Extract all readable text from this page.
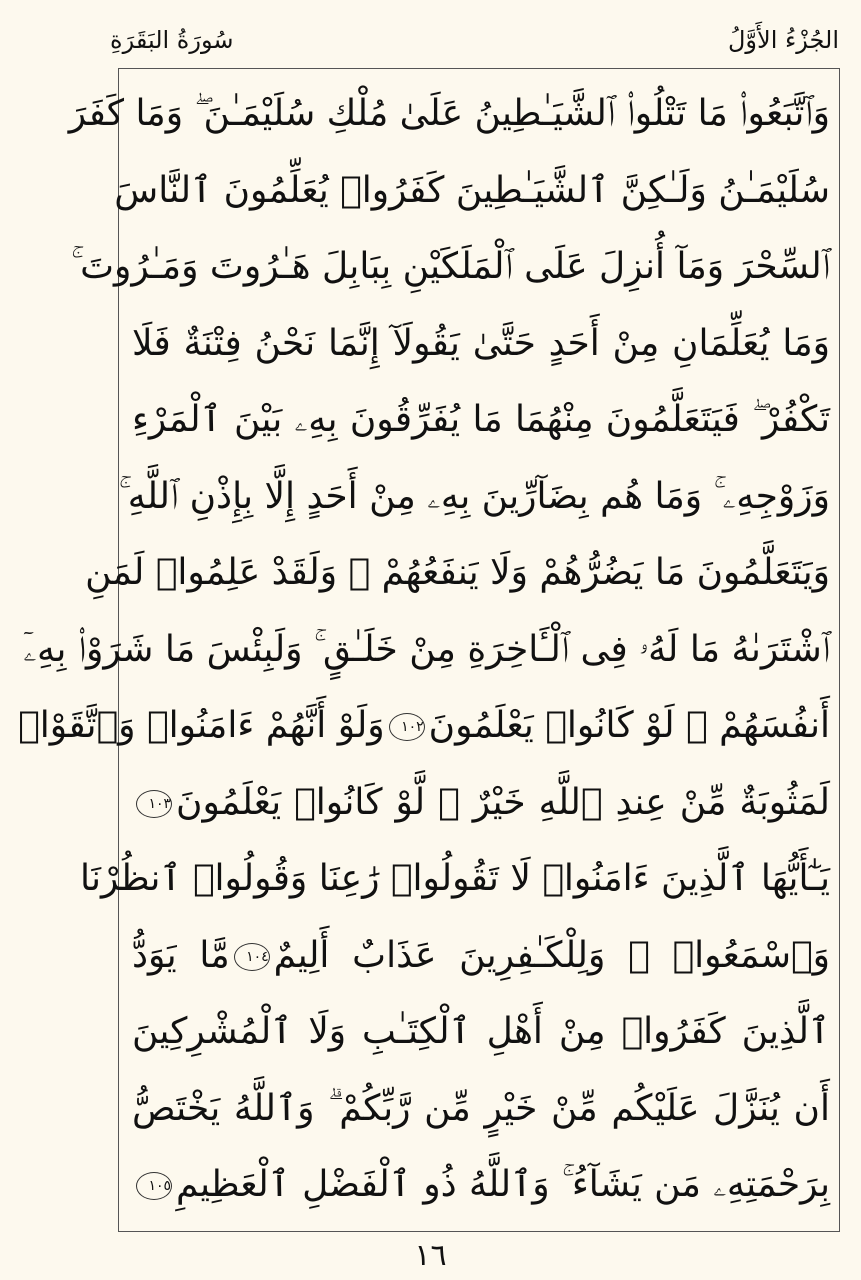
الجُزْءُ الأَوَّلُ
سُورَةُ البَقَرَةِ
وَٱتَّبَعُوا۟ مَا تَتْلُوا۟ ٱلشَّيَـٰطِينُ عَلَىٰ مُلْكِ سُلَيْمَـٰنَ ۖ وَمَا كَفَرَ
سُلَيْمَـٰنُ وَلَـٰكِنَّ ٱلشَّيَـٰطِينَ كَفَرُوا۟ يُعَلِّمُونَ ٱلنَّاسَ
ٱلسِّحْرَ وَمَآ أُنزِلَ عَلَى ٱلْمَلَكَيْنِ بِبَابِلَ هَـٰرُوتَ وَمَـٰرُوتَ ۚ
وَمَا يُعَلِّمَانِ مِنْ أَحَدٍ حَتَّىٰ يَقُولَآ إِنَّمَا نَحْنُ فِتْنَةٌ فَلَا
تَكْفُرْ ۖ فَيَتَعَلَّمُونَ مِنْهُمَا مَا يُفَرِّقُونَ بِهِۦ بَيْنَ ٱلْمَرْءِ
وَزَوْجِهِۦ ۚ وَمَا هُم بِضَآرِّينَ بِهِۦ مِنْ أَحَدٍ إِلَّا بِإِذْنِ ٱللَّهِ ۚ
وَيَتَعَلَّمُونَ مَا يَضُرُّهُمْ وَلَا يَنفَعُهُمْ ۚ وَلَقَدْ عَلِمُوا۟ لَمَنِ
ٱشْتَرَىٰهُ مَا لَهُۥ فِى ٱلْـَٔاخِرَةِ مِنْ خَلَـٰقٍ ۚ وَلَبِئْسَ مَا شَرَوْا۟ بِهِۦٓ
أَنفُسَهُمْ ۚ لَوْ كَانُوا۟ يَعْلَمُونَ١٠٢وَلَوْ أَنَّهُمْ ءَامَنُوا۟ وَٱتَّقَوْا۟
لَمَثُوبَةٌ مِّنْ عِندِ ٱللَّهِ خَيْرٌ ۖ لَّوْ كَانُوا۟ يَعْلَمُونَ١٠٣
يَـٰٓأَيُّهَا ٱلَّذِينَ ءَامَنُوا۟ لَا تَقُولُوا۟ رَٰعِنَا وَقُولُوا۟ ٱنظُرْنَا
وَٱسْمَعُوا۟ ۗ وَلِلْكَـٰفِرِينَ عَذَابٌ أَلِيمٌ١٠٤مَّا يَوَدُّ
ٱلَّذِينَ كَفَرُوا۟ مِنْ أَهْلِ ٱلْكِتَـٰبِ وَلَا ٱلْمُشْرِكِينَ
أَن يُنَزَّلَ عَلَيْكُم مِّنْ خَيْرٍ مِّن رَّبِّكُمْ ۗ وَٱللَّهُ يَخْتَصُّ
بِرَحْمَتِهِۦ مَن يَشَآءُ ۚ وَٱللَّهُ ذُو ٱلْفَضْلِ ٱلْعَظِيمِ١٠٥
١٦
